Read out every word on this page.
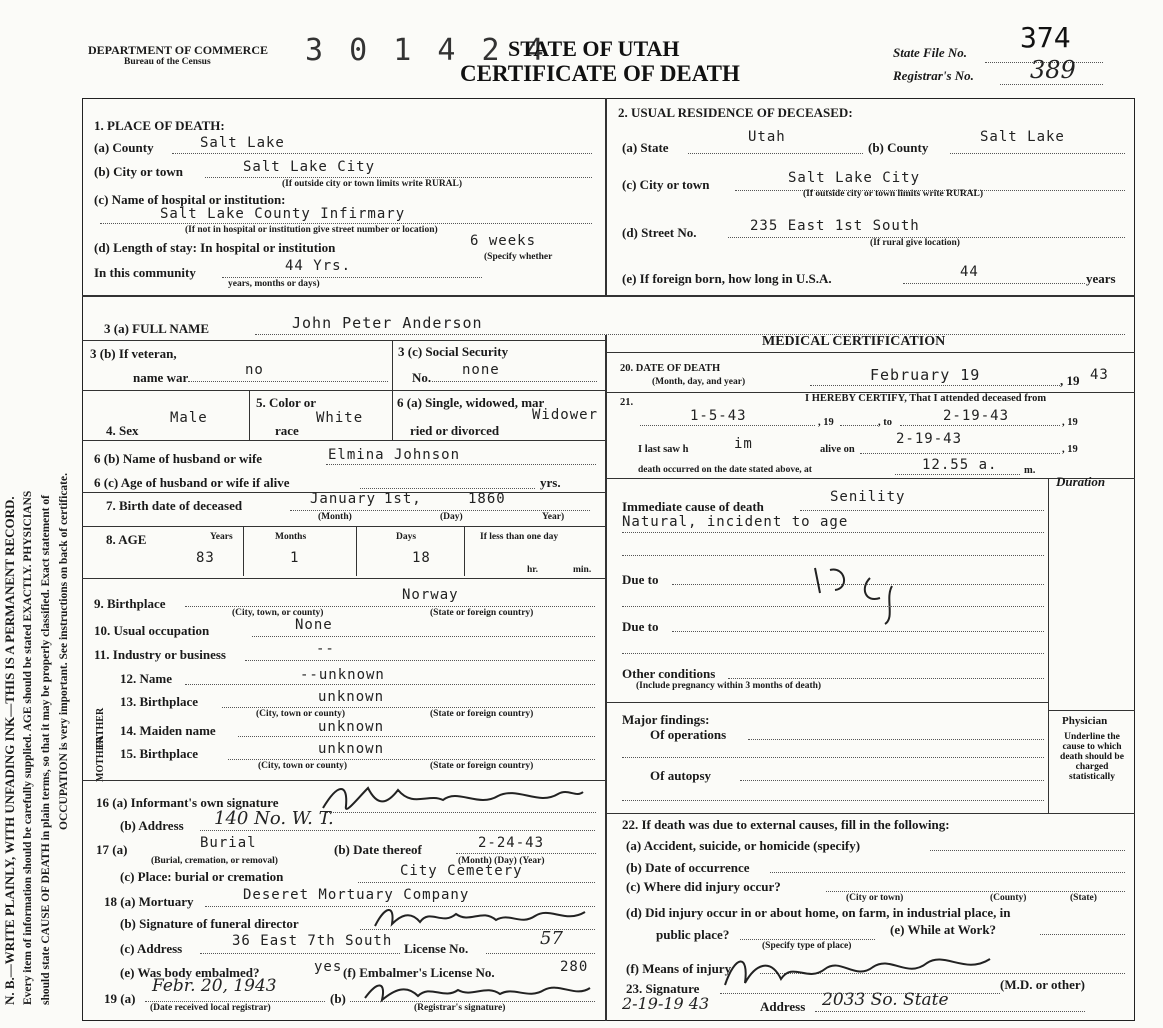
N. B.—WRITE PLAINLY, WITH UNFADING INK—THIS IS A PERMANENT RECORD. Every item of information should be carefully supplied. AGE should be stated EXACTLY. PHYSICIANS should state CAUSE OF DEATH in plain terms, so that it may be properly classified. Exact statement of OCCUPATION is very important. See instructions on back of certificate.
3 0 1 4 2 4
DEPARTMENT OF COMMERCE
Bureau of the Census
STATE OF UTAH
CERTIFICATE OF DEATH
State File No. 374
Registrar's No. 389
1. PLACE OF DEATH:
(a) County	Salt Lake
(b) City or town	Salt Lake City
(If outside city or town limits write RURAL)
(c) Name of hospital or institution:
Salt Lake County Infirmary
(If not in hospital or institution give street number or location)
(d) Length of stay: In hospital or institution	6 weeks
(Specify whether
In this community	44 Yrs.
years, months or days)
2. USUAL RESIDENCE OF DECEASED:
(a) State
Utah
(b) County
Salt Lake
(c) City or town	Salt Lake City
(If outside city or town limits write RURAL)
(d) Street No.	235 East 1st South
(If rural give location)
(e) If foreign born, how long in U.S.A.	44	years
3 (a) FULL NAME	John Peter Anderson
MEDICAL CERTIFICATION
3 (b) If veteran,
name war	no
3 (c) Social Security
No. none
4. Sex
Male
5. Color or
race
White
6 (a) Single, widowed, mar
ried or divorced
Widower
6 (b) Name of husband or wife	Elmina Johnson
6 (c) Age of husband or wife if alive	yrs.
7. Birth date of deceased	January 1st,	1860
(Month)	(Day)	Year)
8. AGE	Years
83
Months
1
Days
18
If less than one day
hr.	min.
9. Birthplace
Norway
(City, town, or county)	(State or foreign country)
10. Usual occupation	None
11. Industry or business	--
FATHER
MOTHER
12. Name	--unknown
13. Birthplace	unknown
(City, town or county)	(State or foreign country)
14. Maiden name	unknown
15. Birthplace	unknown
(City, town or county)	(State or foreign country)
16 (a) Informant's own signature
(b) Address 140 No. W. T.
17 (a)	Burial
(Burial, cremation, or removal)
(b) Date thereof	2-24-43
(Month) (Day) (Year)
(c) Place: burial or cremation	City Cemetery
18 (a) Mortuary	Deseret Mortuary Company
(b) Signature of funeral director
(c) Address	36 East 7th South License No.	57
(e) Was body embalmed?	yes (f) Embalmer's License No.	280
19 (a)
Febr. 20, 1943
(Date received local registrar)
(b)
(Registrar's signature)
20. DATE OF DEATH
(Month, day, and year)	February 19	, 19 43
21.	I HEREBY CERTIFY, That I attended deceased from
1-5-43	, 19	, to	2-19-43	, 19
I last saw h	im	alive on
2-19-43
, 19
death occurred on the date stated above, at	12.55 a.	m.
Duration
Immediate cause of death
Senility
Natural, incident to age
Due to
Due to
Other conditions
(Include pregnancy within 3 months of death)
Major findings:
Of operations
Of autopsy
Physician
Underline the cause to which death should be charged statistically
22. If death was due to external causes, fill in the following:
(a) Accident, suicide, or homicide (specify)
(b) Date of occurrence
(c) Where did injury occur?
(City or town)	(County)	(State)
(d) Did injury occur in or about home, on farm, in industrial place, in
public place?
(Specify type of place)
(e) While at Work?
(f) Means of injury
23. Signature	(M.D. or other)
2-19-19 43	Address 2033 So. State
